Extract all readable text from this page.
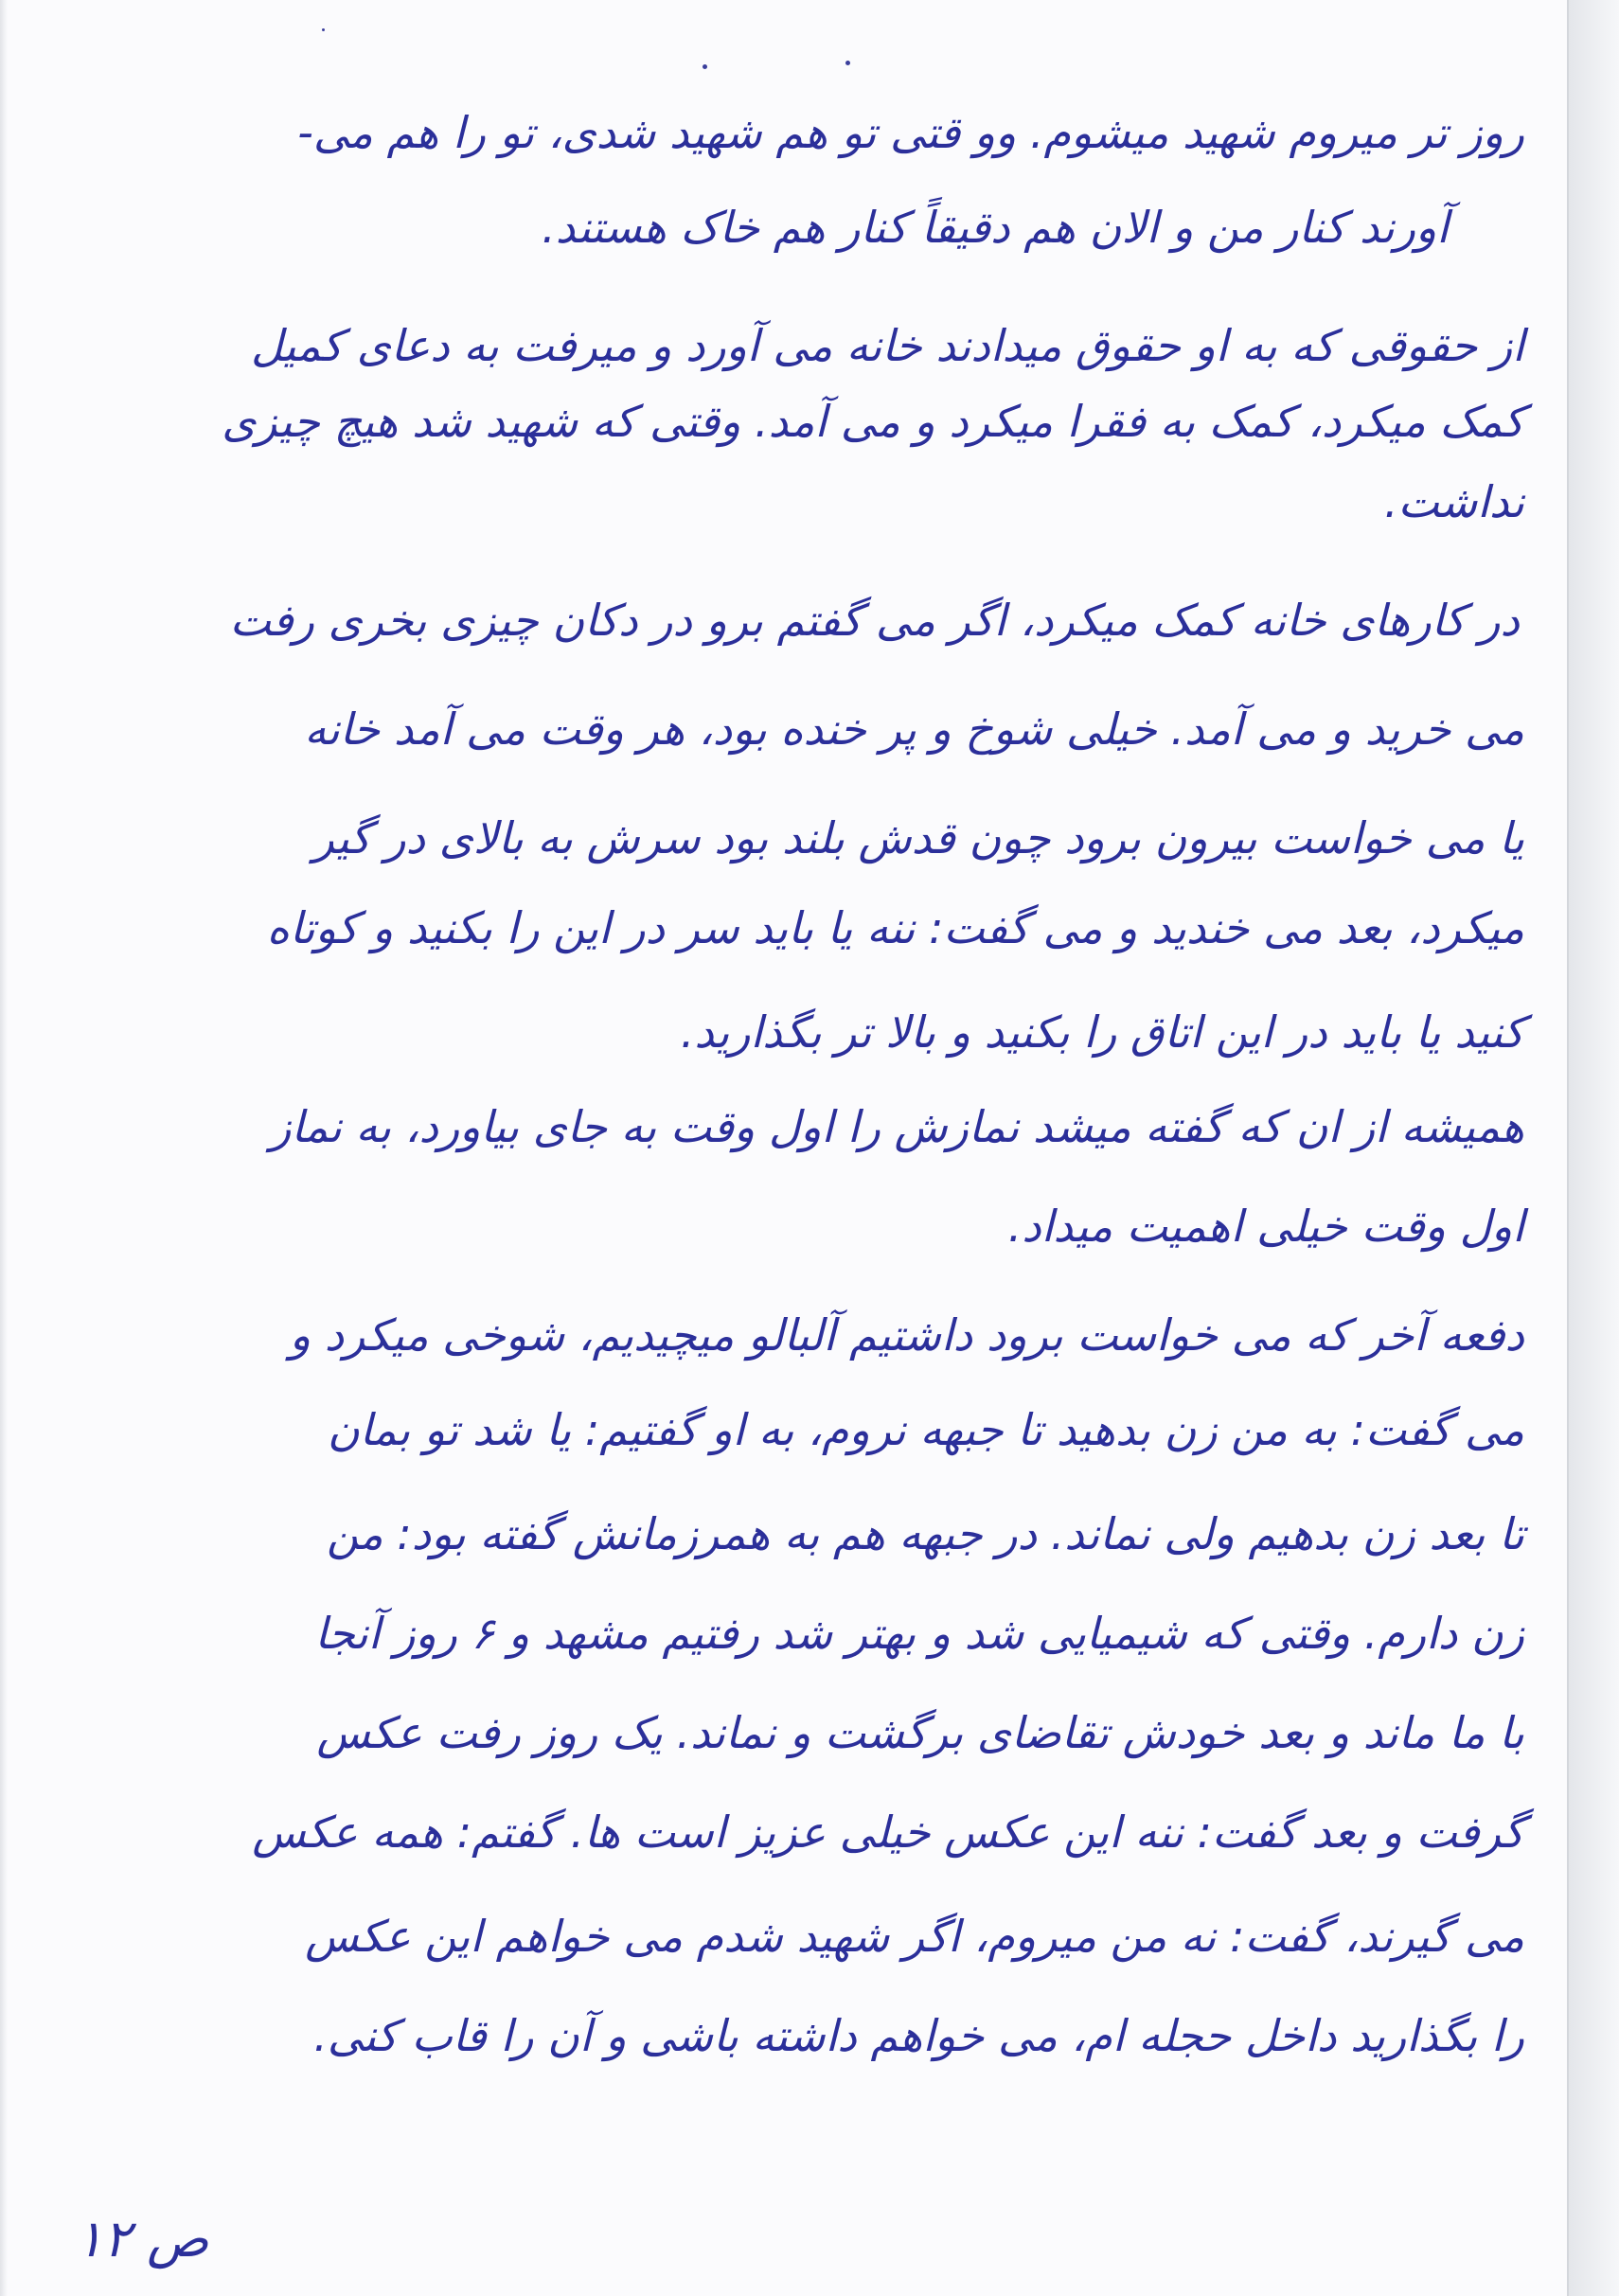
روز تر میروم شهید میشوم. وو قتی تو هم شهید شدی، تو را هم می-
آورند کنار من و الان هم دقیقاً کنار هم خاک هستند.
از حقوقی که به او حقوق میدادند خانه می آورد و میرفت به دعای کمیل
کمک میکرد، کمک به فقرا میکرد و می آمد. وقتی که شهید شد هیچ چیزی
نداشت.
در کارهای خانه کمک میکرد، اگر می گفتم برو در دکان چیزی بخری رفت
می خرید و می آمد. خیلی شوخ و پر خنده بود، هر وقت می آمد خانه
یا می خواست بیرون برود چون قدش بلند بود سرش به بالای در گیر
میکرد، بعد می خندید و می گفت: ننه یا باید سر در این را بکنید و کوتاه
کنید یا باید در این اتاق را بکنید و بالا تر بگذارید.
همیشه از ان که گفته میشد نمازش را اول وقت به جای بیاورد، به نماز
اول وقت خیلی اهمیت میداد.
دفعه آخر که می خواست برود داشتیم آلبالو میچیدیم، شوخی میکرد و
می گفت: به من زن بدهید تا جبهه نروم، به او گفتیم: یا شد تو بمان
تا بعد زن بدهیم ولی نماند. در جبهه هم به همرزمانش گفته بود: من
زن دارم. وقتی که شیمیایی شد و بهتر شد رفتیم مشهد و ۶ روز آنجا
با ما ماند و بعد خودش تقاضای برگشت و نماند. یک روز رفت عکس
گرفت و بعد گفت: ننه این عکس خیلی عزیز است ها. گفتم: همه عکس
می گیرند، گفت: نه من میروم، اگر شهید شدم می خواهم این عکس
را بگذارید داخل حجله ام، می خواهم داشته باشی و آن را قاب کنی.
ص ۱۲
